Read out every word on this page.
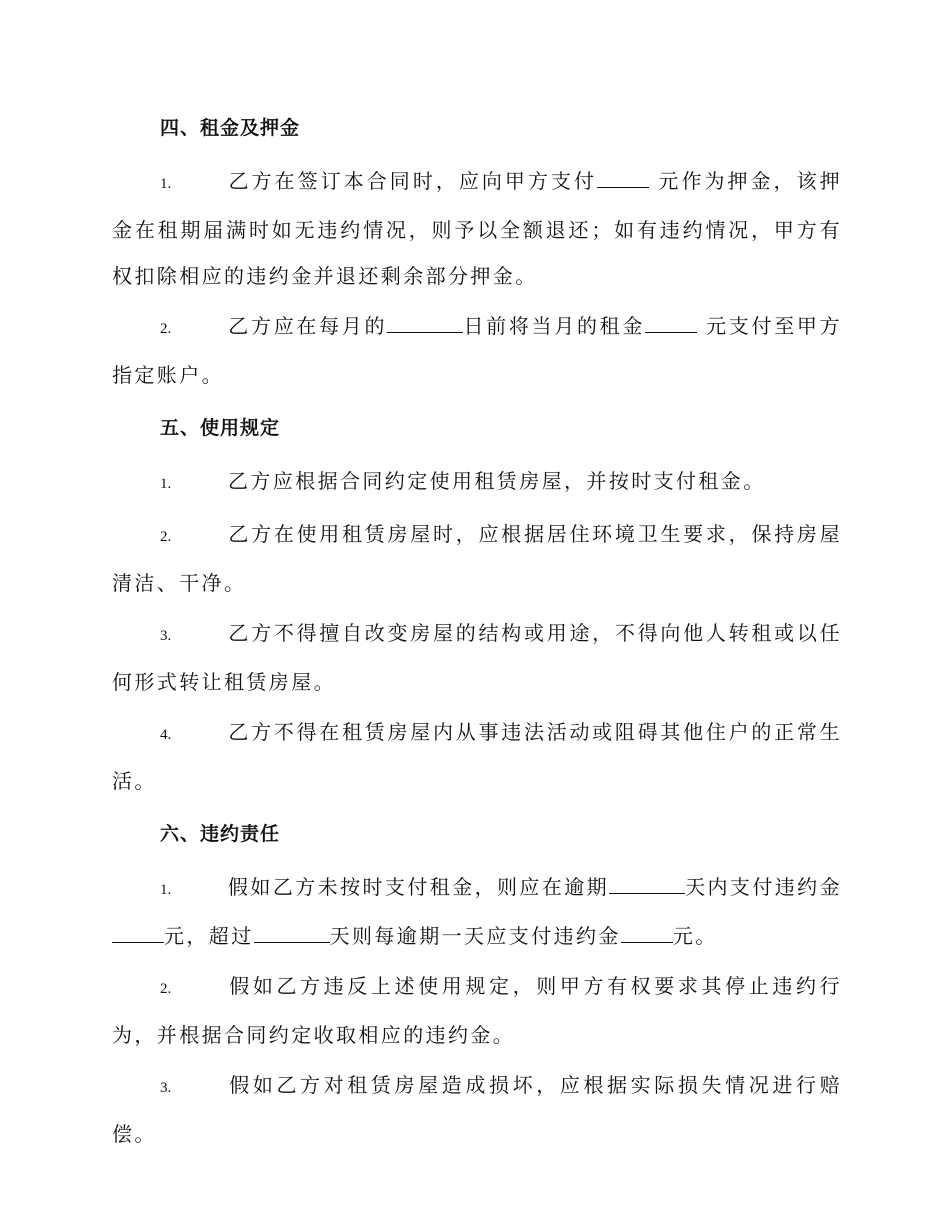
四、租金及押金

1.	乙方在签订本合同时，应向甲方支付	元作为押金，该押金在租期届满时如无违约情况，则予以全额退还；如有违约情况，甲方有权扣除相应的违约金并退还剩余部分押金。

2.	乙方应在每月的	日前将当月的租金	元支付至甲方指定账户。

五、使用规定

1.	乙方应根据合同约定使用租赁房屋，并按时支付租金。

2.	乙方在使用租赁房屋时，应根据居住环境卫生要求，保持房屋清洁、干净。

3.	乙方不得擅自改变房屋的结构或用途，不得向他人转租或以任何形式转让租赁房屋。

4.	乙方不得在租赁房屋内从事违法活动或阻碍其他住户的正常生活。

六、违约责任

1.	假如乙方未按时支付租金，则应在逾期	天内支付违约金元，超过	天则每逾期一天应支付违约金	元。

2.	假如乙方违反上述使用规定，则甲方有权要求其停止违约行为，并根据合同约定收取相应的违约金。

3.	假如乙方对租赁房屋造成损坏，应根据实际损失情况进行赔偿。
